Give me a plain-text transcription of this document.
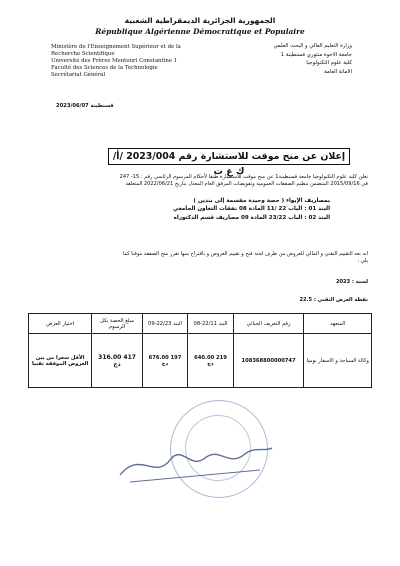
الجمهورية الجزائرية الديمقراطية الشعبية
République Algérienne Démocratique et Populaire
Ministère de l'Enseignement Supérieur et de la
Recherche Scientifique
Université des Frères Mentouri Constantine 1
Faculté des Sciences de la Technologie
Secrétariat Général
وزارة التعليم العالي و البحث العلمي
جامعة الاخوة منتوري قسنطينة 1
كلية علوم التكنولوجيا
الامانة العامة
قسنطينة 2023/06/07
إعلان عن منح موقت للاستشارة رقم 2023/004 /أ/ك ع ت
تعلن كلية علوم التكنولوجيا جامعة قسنطينة1 عن منح موقت للاستشارة طبقا لأحكام المرسوم الرئاسي رقم : 15- 247
في 2015/09/16 المتضمن تنظيم الصفقات العمومية وتفويضات المرفق العام المعدل بتاريخ 2022/06/21 المتعلقة
بمصاريف الإيواء ( حصة وحيدة مقسمة إلى بندين )
البند 01 : الباب 22 /11 المادة 08 نفقات التعاون الجامعي
البند 02 : الباب 23/22 المادة 09 مصاريف قسم الدكتوراه
انه بعد التقييم التقني و المالي للعروض من طرف لجنة فتح و تقييم العروض و باقتراح منها تقرر منح الصفقة موقتا كما
يلي :
لسنة : 2023
نقطة العرض التقني : 22.5
المتعهد	رقم التعريف الجبائي	البند 22/11-08	البند 22/23-09	مبلغ الحصة بكل الرسوم	اختيار العرض
وكالة السياحة و الاسفار نوميا	108368800000747	219 640.00 دج	197 676.00 دج	417 316.00 دج	الأقل سعرا من بين العروض الموفقة تقنيا
